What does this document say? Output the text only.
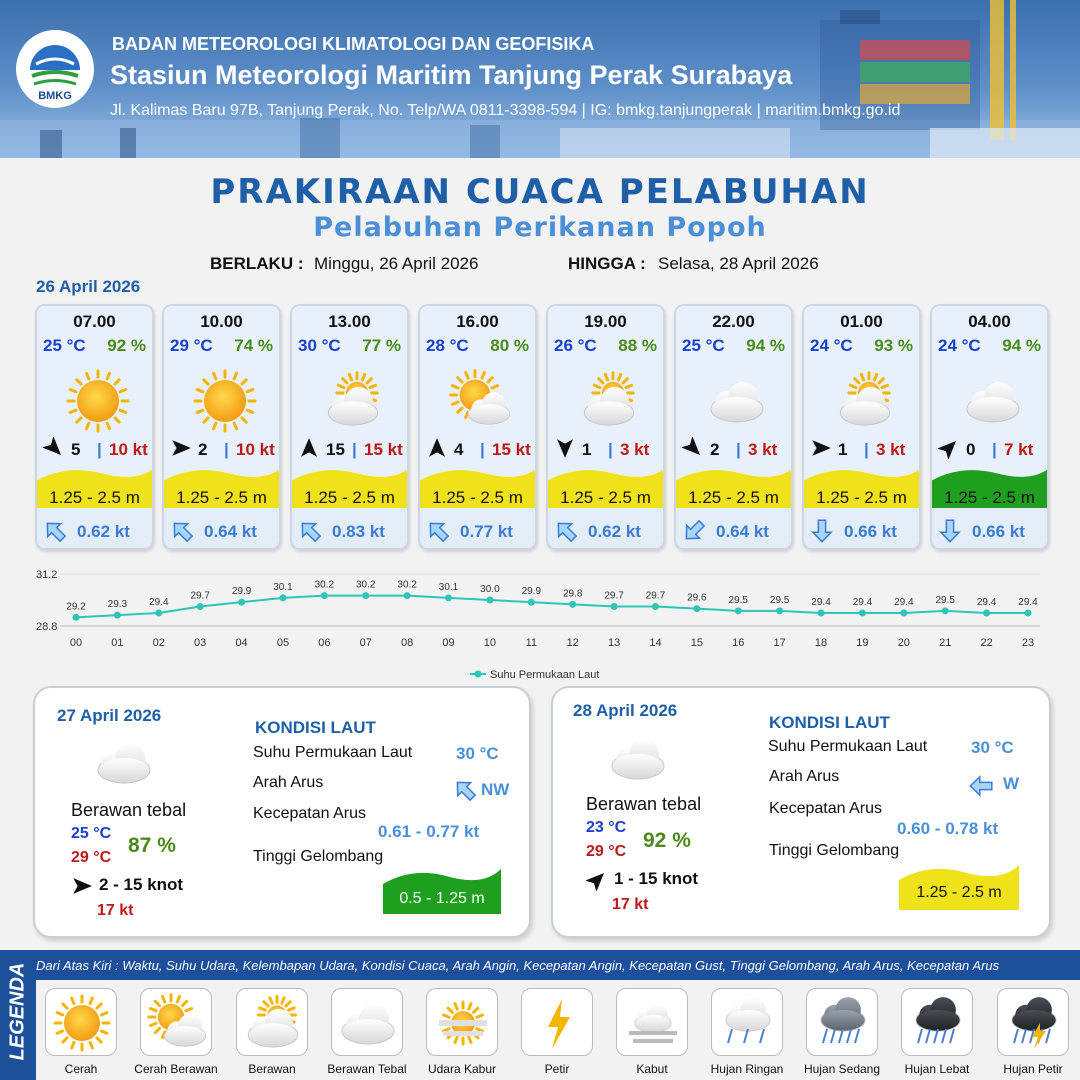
BMKG
BADAN METEOROLOGI KLIMATOLOGI DAN GEOFISIKA
Stasiun Meteorologi Maritim Tanjung Perak Surabaya
Jl. Kalimas Baru 97B, Tanjung Perak, No. Telp/WA 0811-3398-594 | IG: bmkg.tanjungperak | maritim.bmkg.go.id
PRAKIRAAN CUACA PELABUHAN
Pelabuhan Perikanan Popoh
BERLAKU : Minggu, 26 April 2026	HINGGA : Selasa, 28 April 2026
26 April 2026
07.00
25 °C 92 %
5 | 10 kt
1.25 - 2.5 m
0.62 kt
10.00
29 °C 74 %
2 | 10 kt
1.25 - 2.5 m
0.64 kt
13.00
30 °C 77 %
15 | 15 kt
1.25 - 2.5 m
0.83 kt
16.00
28 °C 80 %
4 | 15 kt
1.25 - 2.5 m
0.77 kt
19.00
26 °C 88 %
1 | 3 kt
1.25 - 2.5 m
0.62 kt
22.00
25 °C 94 %
2 | 3 kt
1.25 - 2.5 m
0.64 kt
01.00
24 °C 93 %
1 | 3 kt
1.25 - 2.5 m
0.66 kt
04.00
24 °C 94 %
0 | 7 kt
1.25 - 2.5 m
0.66 kt
31.2
28.8
29.2
00
29.3
01
29.4
02
29.7
03
29.9
04
30.1
05
30.2
06
30.2
07
30.2
08
30.1
09
30.0
10
29.9
11
29.8
12
29.7
13
29.7
14
29.6
15
29.5
16
29.5
17
29.4
18
29.4
19
29.4
20
29.5
21
29.4
22
29.4
23
Suhu Permukaan Laut
27 April 2026
Berawan tebal
25 °C
29 °C
87 %
2 - 15 knot
17 kt
KONDISI LAUT
Suhu Permukaan Laut	30 °C
Arah Arus	NW
Kecepatan Arus
0.61 - 0.77 kt
Tinggi Gelombang
0.5 - 1.25 m
28 April 2026
Berawan tebal
23 °C
29 °C 92 %
1 - 15 knot
17 kt
KONDISI LAUT
Suhu Permukaan Laut	30 °C
Arah Arus	W
Kecepatan Arus
0.60 - 0.78 kt
Tinggi Gelombang
1.25 - 2.5 m
LEGENDA Dari Atas Kiri : Waktu, Suhu Udara, Kelembapan Udara, Kondisi Cuaca, Arah Angin, Kecepatan Angin, Kecepatan Gust, Tinggi Gelombang, Arah Arus, Kecepatan Arus
Cerah	Cerah Berawan	Berawan	Berawan Tebal	Udara Kabur	Petir	Kabut	Hujan Ringan	Hujan Sedang	Hujan Lebat	Hujan Petir
